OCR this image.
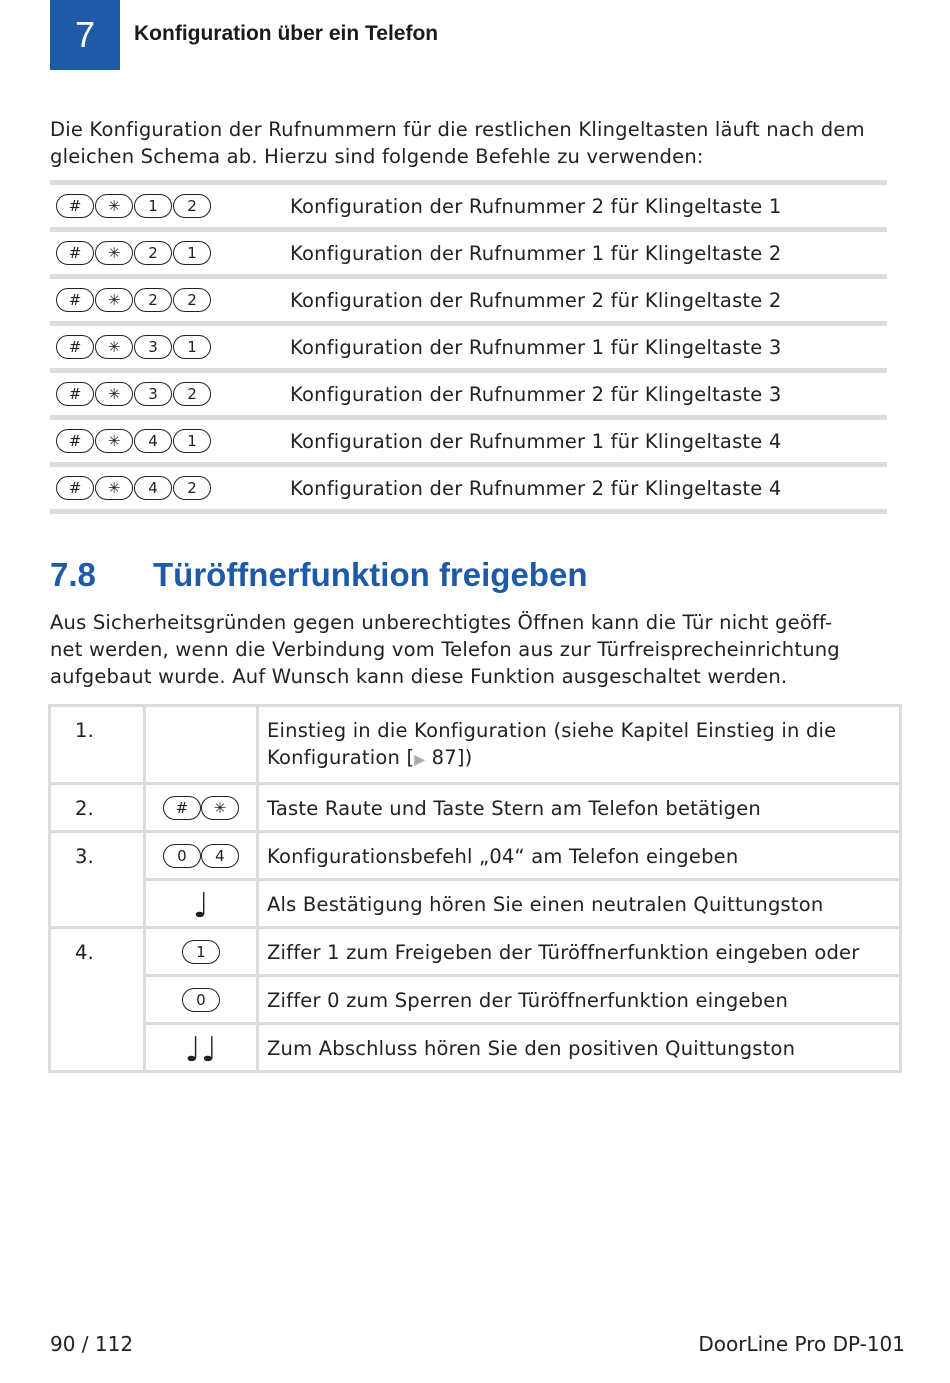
7 Konfiguration über ein Telefon
Die Konfiguration der Rufnummern für die restlichen Klingeltasten läuft nach dem gleichen Schema ab. Hierzu sind folgende Befehle zu verwenden:
#	✳	1	2	Konfiguration der Rufnummer 2 für Klingeltaste 1
#	✳	2	1	Konfiguration der Rufnummer 1 für Klingeltaste 2
#	✳	2	2	Konfiguration der Rufnummer 2 für Klingeltaste 2
#	✳	3	1	Konfiguration der Rufnummer 1 für Klingeltaste 3
#	✳	3	2	Konfiguration der Rufnummer 2 für Klingeltaste 3
#	✳	4	1	Konfiguration der Rufnummer 1 für Klingeltaste 4
#	✳	4	2	Konfiguration der Rufnummer 2 für Klingeltaste 4
7.8 Türöffnerfunktion freigeben
Aus Sicherheitsgründen gegen unberechtigtes Öffnen kann die Tür nicht geöff-
net werden, wenn die Verbindung vom Telefon aus zur Türfreisprecheinrichtung
aufgebaut wurde. Auf Wunsch kann diese Funktion ausgeschaltet werden.
1.		Einstieg in die Konfiguration (siehe Kapitel Einstieg in die Konfiguration [▶ 87])
2.	# ✳	Taste Raute und Taste Stern am Telefon betätigen
3.	0 4	Konfigurationsbefehl „04“ am Telefon eingeben
	♩	Als Bestätigung hören Sie einen neutralen Quittungston
4.	1	Ziffer 1 zum Freigeben der Türöffnerfunktion eingeben oder
	0	Ziffer 0 zum Sperren der Türöffnerfunktion eingeben
	♩♩	Zum Abschluss hören Sie den positiven Quittungston
90 / 112	DoorLine Pro DP-101
